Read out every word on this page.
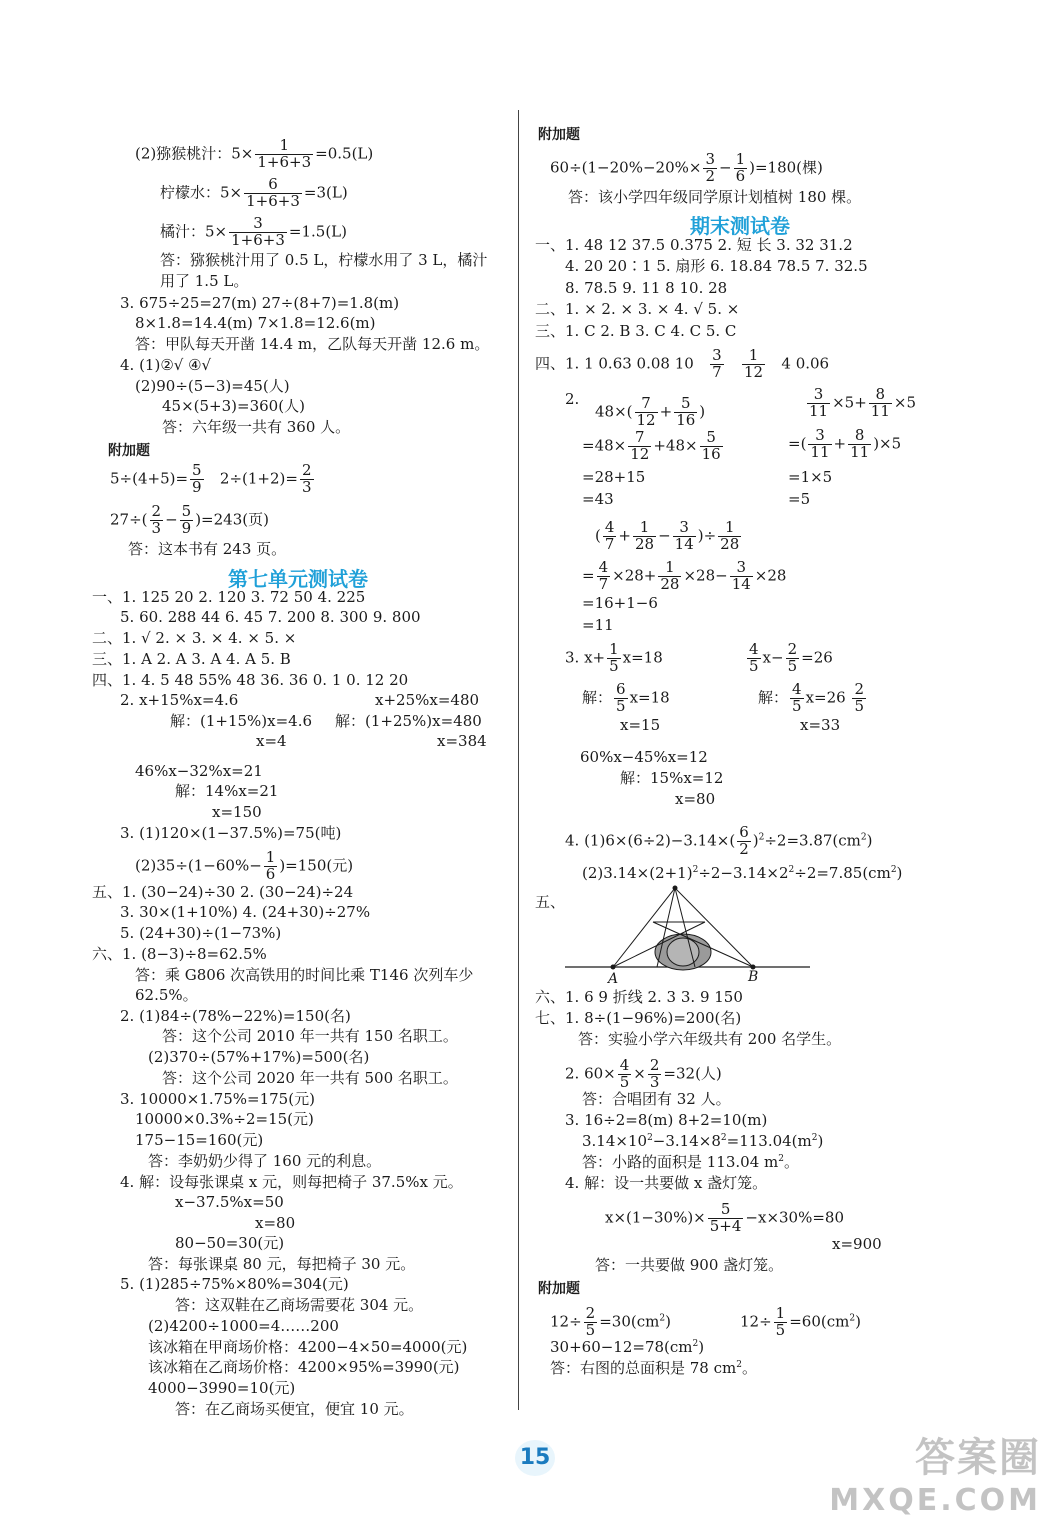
(2)猕猴桃汁：$5\times \frac{1}{1+6+3} =0.5(L)$
柠檬水：$5\times \frac{6}{1+6+3} =3(L)$
橘汁：$5\times \frac{3}{1+6+3} =1.5(L)$
答：猕猴桃汁用了 0.5 L，柠檬水用了 3 L，橘汁
用了 1.5 L。
3. 675÷25=27(m) 27÷(8+7)=1.8(m)
8×1.8=14.4(m) 7×1.8=12.6(m)
答：甲队每天开凿 14.4 m，乙队每天开凿 12.6 m。
4. (1)②√ ④√
(2)90÷(5−3)=45(人)
45×(5+3)=360(人)
答：六年级一共有 360 人。
附加题
$5\div(4+5)= \frac{5}{9} 2\div(1+2)= \frac{2}{3}$
$27\div( \frac{2}{3} - \frac{5}{9} )=243$(页)
答：这本书有 243 页。
第七单元测试卷
一、1. 125 20 2. 120 3. 72 50 4. 225
5. 60. 288 44 6. 45 7. 200 8. 300 9. 800
二、1. √ 2. × 3. × 4. × 5. ×
三、1. A 2. A 3. A 4. A 5. B
四、1. 4. 5 48 55% 48 36. 36 0. 1 0. 12 20
2. x+15%x=4.6	x+25%x=480
解：(1+15%)x=4.6 解：(1+25%)x=480
x=4	x=384
46%x−32%x=21
解：14%x=21
x=150
3. (1)120×(1−37.5%)=75(吨)
$(2)35\div(1-60\%- \frac{1}{6} )=150$(元)
五、1. (30−24)÷30 2. (30−24)÷24
3. 30×(1+10%) 4. (24+30)÷27%
5. (24+30)÷(1−73%)
六、1. (8−3)÷8=62.5%
答：乘 G806 次高铁用的时间比乘 T146 次列车少
62.5%。
2. (1)84÷(78%−22%)=150(名)
答：这个公司 2010 年一共有 150 名职工。
(2)370÷(57%+17%)=500(名)
答：这个公司 2020 年一共有 500 名职工。
3. 10000×1.75%=175(元)
10000×0.3%÷2=15(元)
175−15=160(元)
答：李奶奶少得了 160 元的利息。
4. 解：设每张课桌 x 元，则每把椅子 37.5%x 元。
x−37.5%x=50
x=80
80−50=30(元)
答：每张课桌 80 元，每把椅子 30 元。
5. (1)285÷75%×80%=304(元)
答：这双鞋在乙商场需要花 304 元。
(2)4200÷1000=4……200
该冰箱在甲商场价格：4200−4×50=4000(元)
该冰箱在乙商场价格：4200×95%=3990(元)
4000−3990=10(元)
答：在乙商场买便宜，便宜 10 元。
附加题
$60\div(1-20\%-20\%\times \frac{3}{2} - \frac{1}{6} )=180$(棵)
答：该小学四年级同学原计划植树 180 棵。
期末测试卷
一、1. 48 12 37.5 0.375 2. 短 长 3. 32 31.2
4. 20 20∶1 5. 扇形 6. 18.84 78.5 7. 32.5
8. 78.5 9. 11 8 10. 28
二、1. × 2. × 3. × 4. √ 5. ×
三、1. C 2. B 3. C 4. C 5. C
四、1. 1 0.63 0.08 $10 \frac{3}{7}$
$\frac{1}{12} 4$ 0.06
2.
$48\times( \frac{7}{12} + \frac{5}{16}$ )	$\frac{3}{11} \times 5+ \frac{8}{11} \times 5$
$=48\times \frac{7}{12} +48\times \frac{5}{16}$	=( $\frac{3}{11} + \frac{8}{11} )\times 5$
=28+15	=1×5
=43	=5
( $\frac{4}{7} + \frac{1}{28} - \frac{3}{14}$ )÷ $\frac{1}{28}$
= $\frac{4}{7} \times 28+ \frac{1}{28} \times 28- \frac{3}{14} \times 28$
=16+1−6
=11
3. $x+ \frac{1}{5} x=18$	$\frac{4}{5} x- \frac{2}{5} =26$
解： $\frac{6}{5} x=18$	解： $\frac{4}{5} x=26 \frac{2}{5}$
x=15	x=33
60%x−45%x=12
解：15%x=12
x=80
4. $(1)6\times(6\div 2)-3.14\times( \frac{6}{2} )^2\div 2=3.87(cm^2)$
$(2)3.14\times(2+1)^2\div 2-3.14\times 2^2\div 2=7.85(cm^2)$
五、
A	B
六、1. 6 9 折线 2. 3 3. 9 150
七、1. 8÷(1−96%)=200(名)
答：实验小学六年级共有 200 名学生。
2. $60\times \frac{4}{5} \times \frac{2}{3} =32$(人)
答：合唱团有 32 人。
3. 16÷2=8(m) 8+2=10(m)
$3.14\times 10^2-3.14\times 8^2=113.04(m^2)$
答：小路的面积是 113.04 $m^2$。
4. 解：设一共要做 x 盏灯笼。
$x\times(1-30\%)\times \frac{5}{5+4} -x\times 30\%=80$
x=900
答：一共要做 900 盏灯笼。
附加题
$12\div \frac{2}{5} =30(cm^2)$	$12\div \frac{1}{5} =60(cm^2)$
$30+60-12=78(cm^2)$
答：右图的总面积是 78 $cm^2$。
15	答案圈
MXQE.COM
